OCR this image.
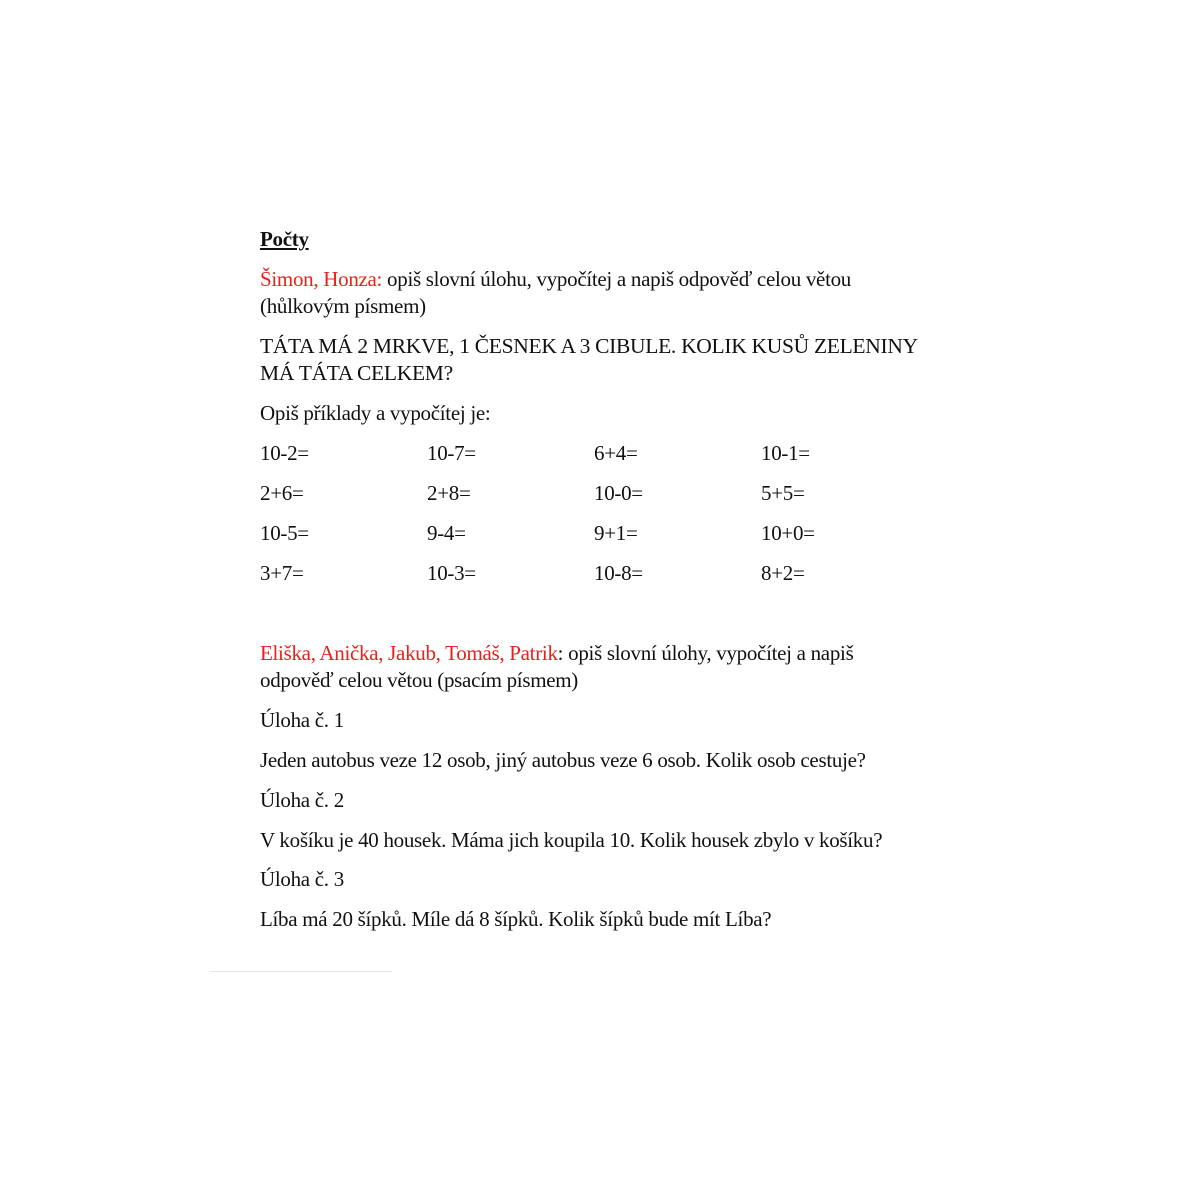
Počty
Šimon, Honza: opiš slovní úlohu, vypočítej a napiš odpověď celou větou
(hůlkovým písmem)
TÁTA MÁ 2 MRKVE, 1 ČESNEK A 3 CIBULE. KOLIK KUSŮ ZELENINY
MÁ TÁTA CELKEM?
Opiš příklady a vypočítej je:
10-2=	10-7=	6+4=	10-1=
2+6=	2+8=	10-0=	5+5=
10-5=	9-4=	9+1=	10+0=
3+7=	10-3=	10-8=	8+2=
Eliška, Anička, Jakub, Tomáš, Patrik: opiš slovní úlohy, vypočítej a napiš
odpověď celou větou (psacím písmem)
Úloha č. 1
Jeden autobus veze 12 osob, jiný autobus veze 6 osob. Kolik osob cestuje?
Úloha č. 2
V košíku je 40 housek. Máma jich koupila 10. Kolik housek zbylo v košíku?
Úloha č. 3
Líba má 20 šípků. Míle dá 8 šípků. Kolik šípků bude mít Líba?
